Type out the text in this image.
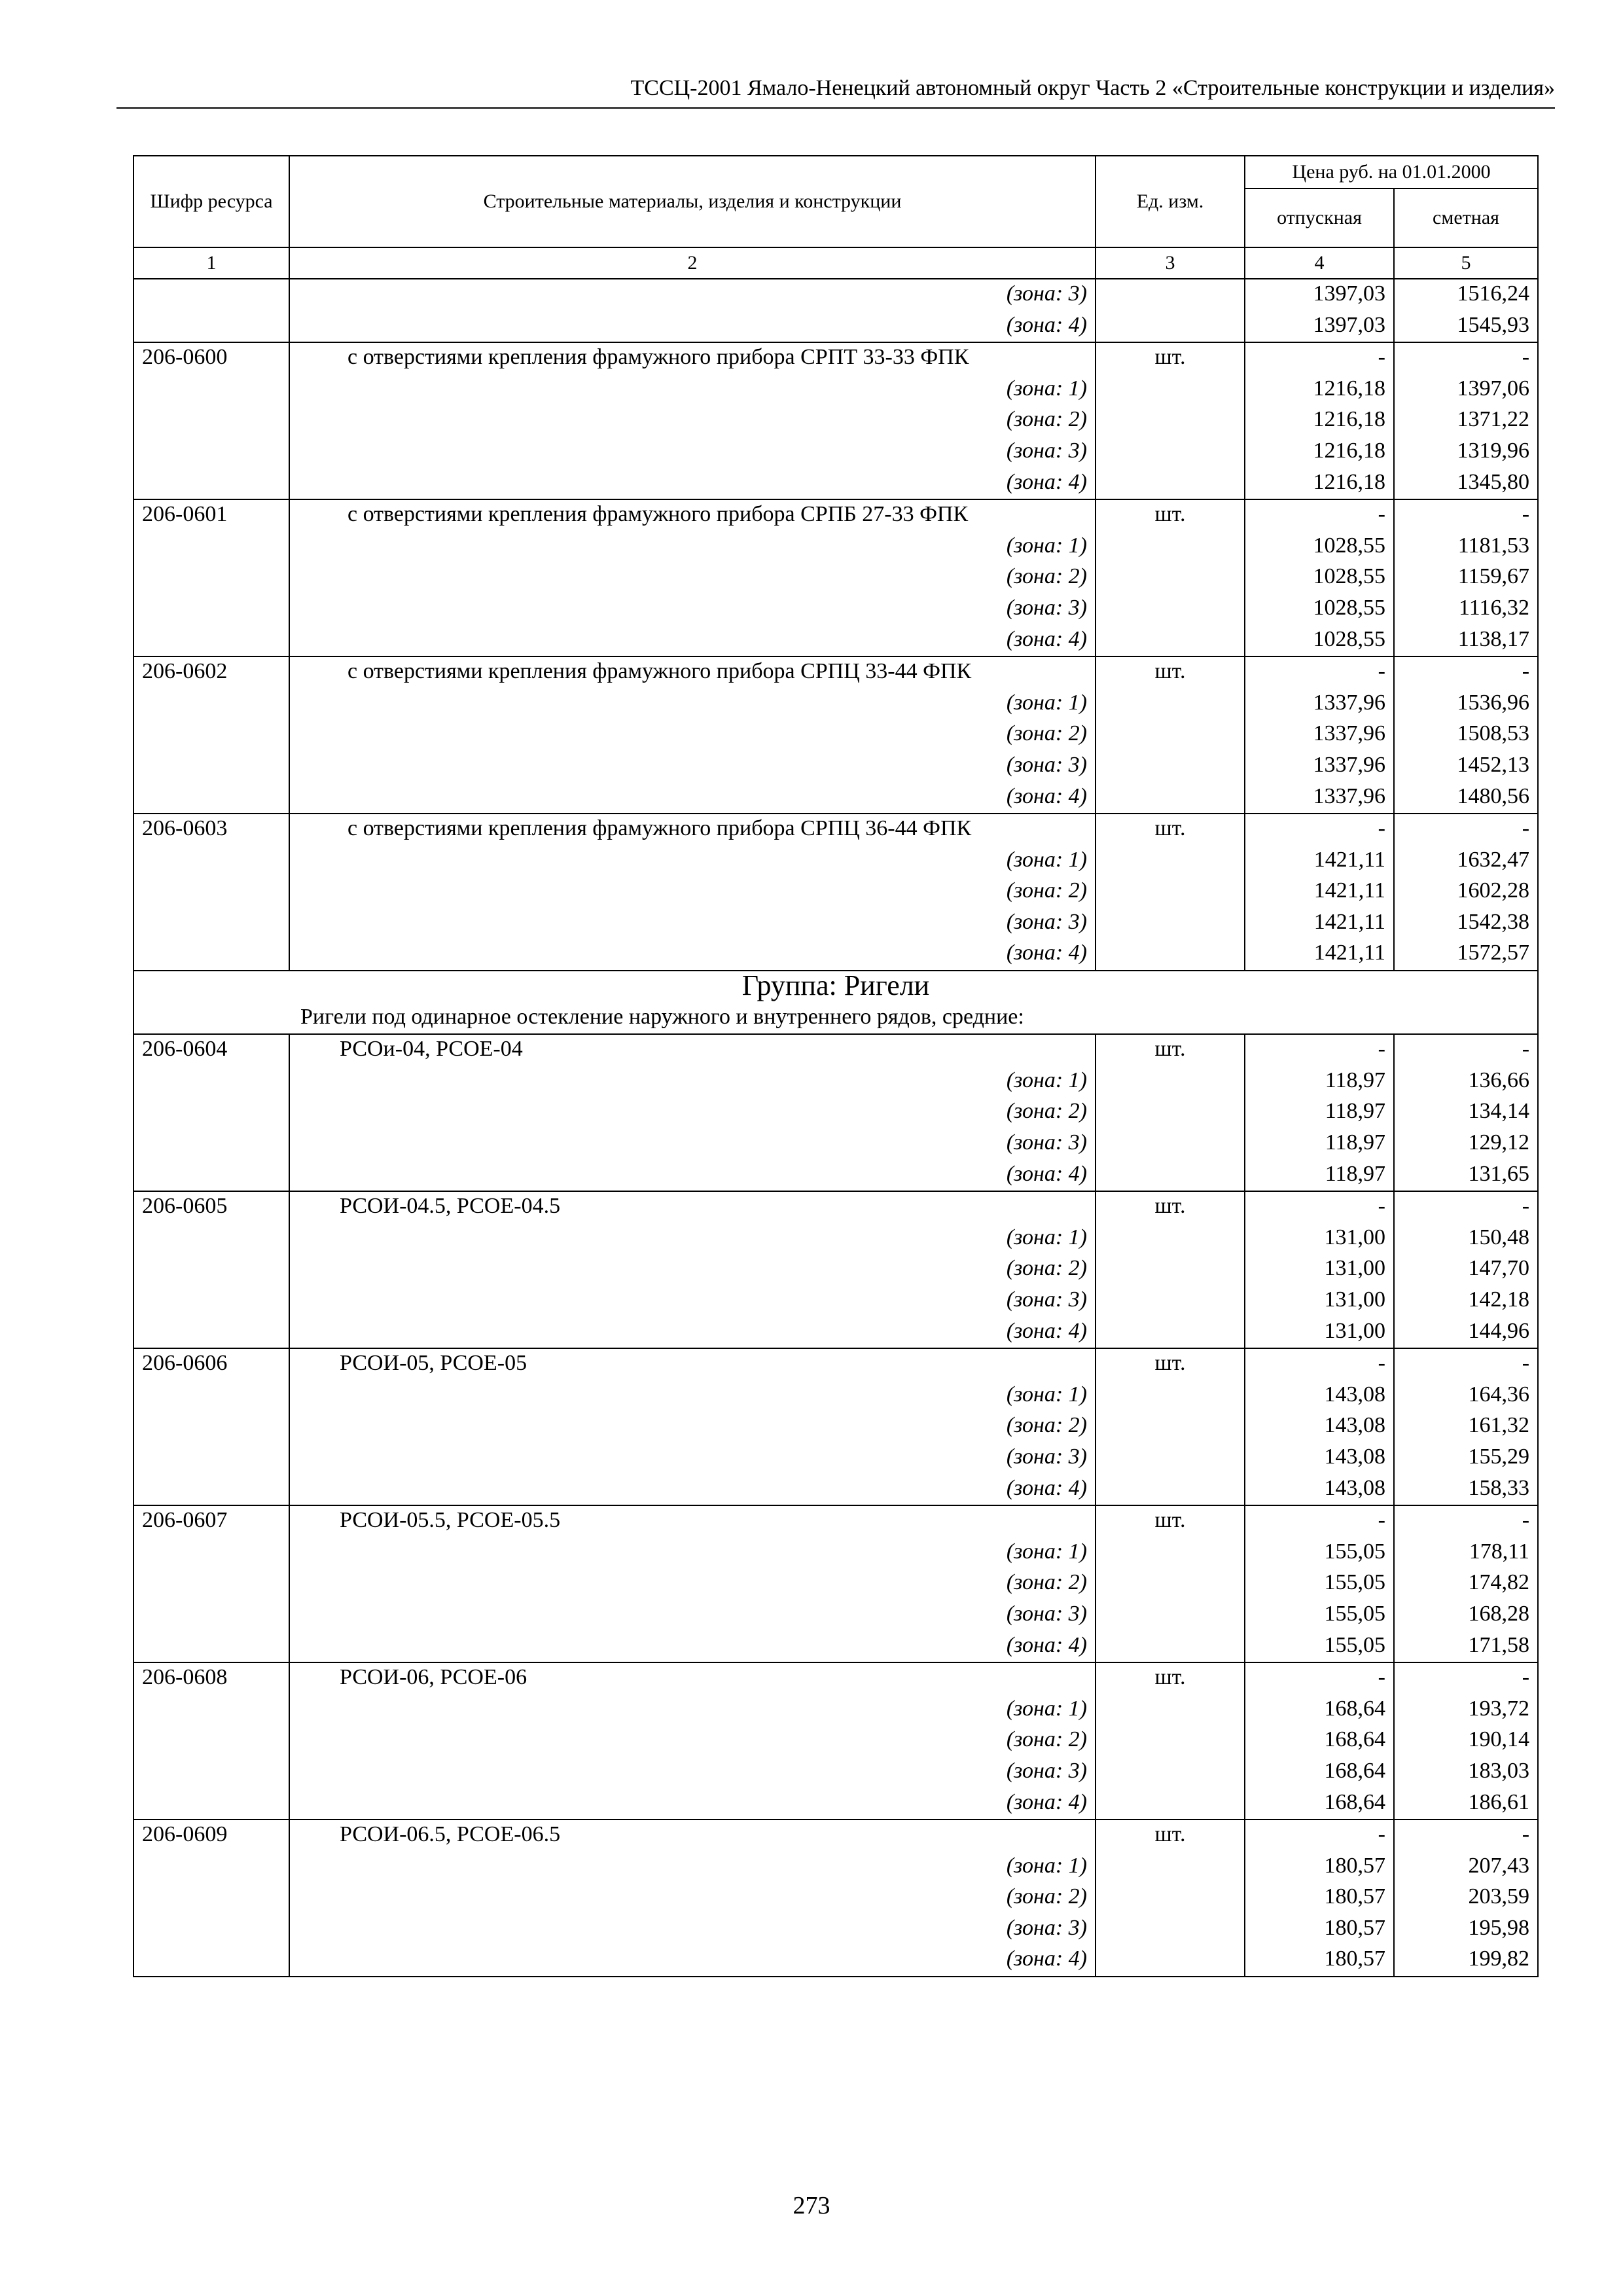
ТССЦ-2001 Ямало-Ненецкий автономный округ Часть 2 «Строительные конструкции и изделия»
Шифр ресурса	Строительные материалы, изделия и конструкции	Ед. изм.	Цена руб. на 01.01.2000	
			отпускная	сметная
1	2	3	4	5
	(зона: 3)		1397,03	1516,24
	(зона: 4)		1397,03	1545,93
206-0600	с отверстиями крепления фрамужного прибора СРПТ 33-33 ФПК	шт.	-	-
	(зона: 1)		1216,18	1397,06
	(зона: 2)		1216,18	1371,22
	(зона: 3)		1216,18	1319,96
	(зона: 4)		1216,18	1345,80
206-0601	с отверстиями крепления фрамужного прибора СРПБ 27-33 ФПК	шт.	-	-
	(зона: 1)		1028,55	1181,53
	(зона: 2)		1028,55	1159,67
	(зона: 3)		1028,55	1116,32
	(зона: 4)		1028,55	1138,17
206-0602	с отверстиями крепления фрамужного прибора СРПЦ 33-44 ФПК	шт.	-	-
	(зона: 1)		1337,96	1536,96
	(зона: 2)		1337,96	1508,53
	(зона: 3)		1337,96	1452,13
	(зона: 4)		1337,96	1480,56
206-0603	с отверстиями крепления фрамужного прибора СРПЦ 36-44 ФПК	шт.	-	-
	(зона: 1)		1421,11	1632,47
	(зона: 2)		1421,11	1602,28
	(зона: 3)		1421,11	1542,38
	(зона: 4)		1421,11	1572,57
Группа: Ригели				
Ригели под одинарное остекление наружного и внутреннего рядов, средние:				
206-0604	РСОи-04, РСОЕ-04	шт.	-	-
	(зона: 1)		118,97	136,66
	(зона: 2)		118,97	134,14
	(зона: 3)		118,97	129,12
	(зона: 4)		118,97	131,65
206-0605	РСОИ-04.5, РСОЕ-04.5	шт.	-	-
	(зона: 1)		131,00	150,48
	(зона: 2)		131,00	147,70
	(зона: 3)		131,00	142,18
	(зона: 4)		131,00	144,96
206-0606	РСОИ-05, РСОЕ-05	шт.	-	-
	(зона: 1)		143,08	164,36
	(зона: 2)		143,08	161,32
	(зона: 3)		143,08	155,29
	(зона: 4)		143,08	158,33
206-0607	РСОИ-05.5, РСОЕ-05.5	шт.	-	-
	(зона: 1)		155,05	178,11
	(зона: 2)		155,05	174,82
	(зона: 3)		155,05	168,28
	(зона: 4)		155,05	171,58
206-0608	РСОИ-06, РСОЕ-06	шт.	-	-
	(зона: 1)		168,64	193,72
	(зона: 2)		168,64	190,14
	(зона: 3)		168,64	183,03
	(зона: 4)		168,64	186,61
206-0609	РСОИ-06.5, РСОЕ-06.5	шт.	-	-
	(зона: 1)		180,57	207,43
	(зона: 2)		180,57	203,59
	(зона: 3)		180,57	195,98
	(зона: 4)		180,57	199,82
273
